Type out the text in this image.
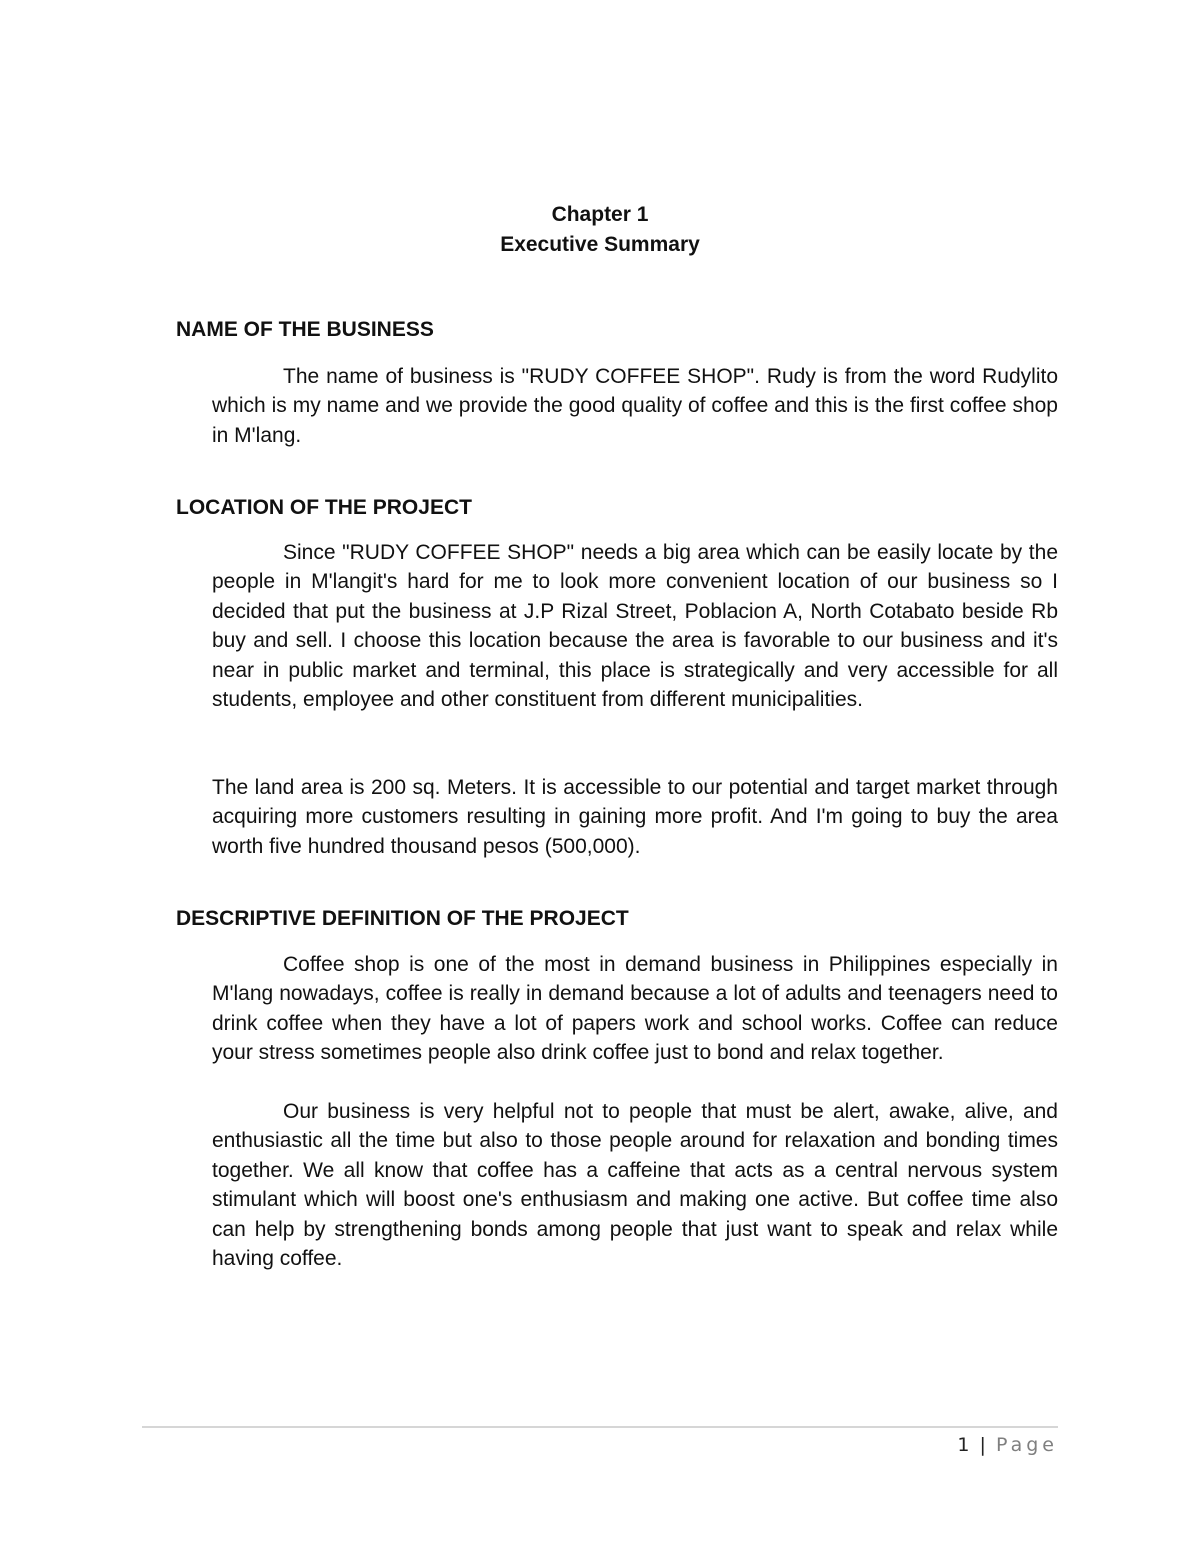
Chapter 1
Executive Summary
NAME OF THE BUSINESS

The name of business is "RUDY COFFEE SHOP". Rudy is from the word Rudylito which is my name and we provide the good quality of coffee and this is the first coffee shop in M'lang.

LOCATION OF THE PROJECT

Since "RUDY COFFEE SHOP" needs a big area which can be easily locate by the people in M'langit's hard for me to look more convenient location of our business so I decided that put the business at J.P Rizal Street, Poblacion A, North Cotabato beside Rb buy and sell. I choose this location because the area is favorable to our business and it's near in public market and terminal, this place is strategically and very accessible for all students, employee and other constituent from different municipalities.

The land area is 200 sq. Meters. It is accessible to our potential and target market through acquiring more customers resulting in gaining more profit. And I'm going to buy the area worth five hundred thousand pesos (500,000).

DESCRIPTIVE DEFINITION OF THE PROJECT

Coffee shop is one of the most in demand business in Philippines especially in M'lang nowadays, coffee is really in demand because a lot of adults and teenagers need to drink coffee when they have a lot of papers work and school works. Coffee can reduce your stress sometimes people also drink coffee just to bond and relax together.

Our business is very helpful not to people that must be alert, awake, alive, and enthusiastic all the time but also to those people around for relaxation and bonding times together. We all know that coffee has a caffeine that acts as a central nervous system stimulant which will boost one's enthusiasm and making one active. But coffee time also can help by strengthening bonds among people that just want to speak and relax while having coffee.

1 | Page
